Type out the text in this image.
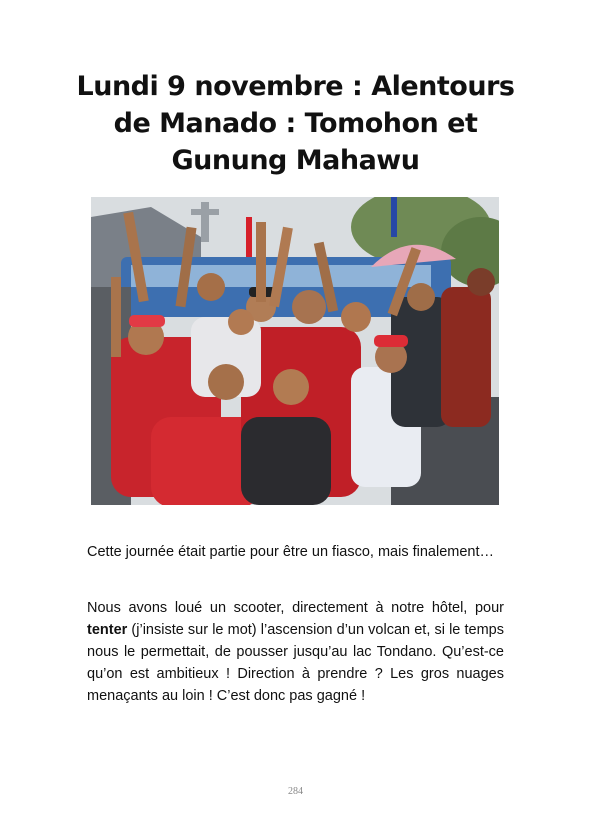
Lundi 9 novembre : Alentours de Manado : Tomohon et Gunung Mahawu

Cette journée était partie pour être un fiasco, mais finalement…

Nous avons loué un scooter, directement à notre hôtel, pour tenter (j’insiste sur le mot) l’ascension d’un volcan et, si le temps nous le permettait, de pousser jusqu’au lac Tondano. Qu’est-ce qu’on est ambitieux ! Direction à prendre ? Les gros nuages menaçants au loin ! C’est donc pas gagné !

284
